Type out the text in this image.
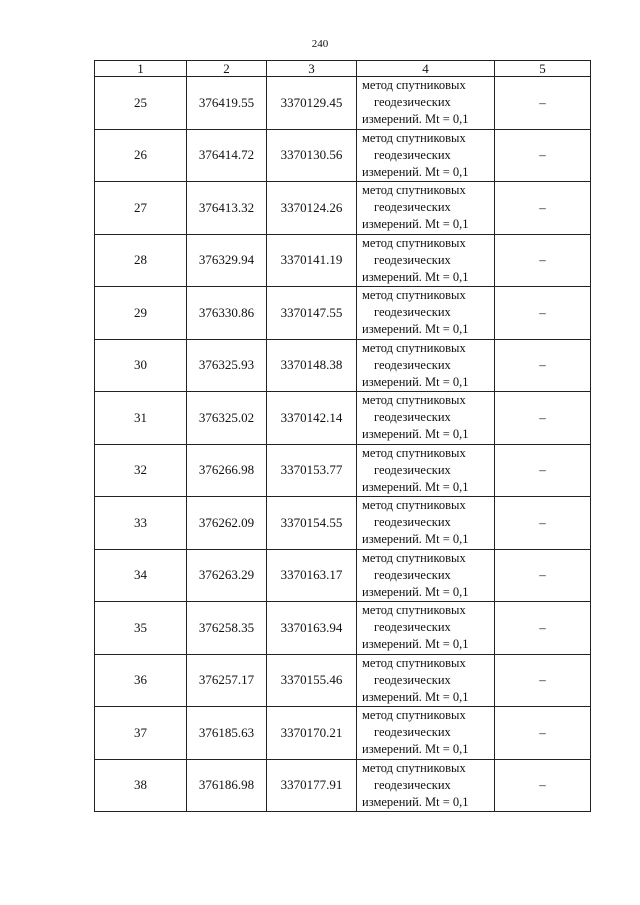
240
1	2	3	4	5
25	376419.55	3370129.45	метод спутниковых
геодезических
измерений. Mt = 0,1	–
26	376414.72	3370130.56	метод спутниковых
геодезических
измерений. Mt = 0,1	–
27	376413.32	3370124.26	метод спутниковых
геодезических
измерений. Mt = 0,1	–
28	376329.94	3370141.19	метод спутниковых
геодезических
измерений. Mt = 0,1	–
29	376330.86	3370147.55	метод спутниковых
геодезических
измерений. Mt = 0,1	–
30	376325.93	3370148.38	метод спутниковых
геодезических
измерений. Mt = 0,1	–
31	376325.02	3370142.14	метод спутниковых
геодезических
измерений. Mt = 0,1	–
32	376266.98	3370153.77	метод спутниковых
геодезических
измерений. Mt = 0,1	–
33	376262.09	3370154.55	метод спутниковых
геодезических
измерений. Mt = 0,1	–
34	376263.29	3370163.17	метод спутниковых
геодезических
измерений. Mt = 0,1	–
35	376258.35	3370163.94	метод спутниковых
геодезических
измерений. Mt = 0,1	–
36	376257.17	3370155.46	метод спутниковых
геодезических
измерений. Mt = 0,1	–
37	376185.63	3370170.21	метод спутниковых
геодезических
измерений. Mt = 0,1	–
38	376186.98	3370177.91	метод спутниковых
геодезических
измерений. Mt = 0,1	–
